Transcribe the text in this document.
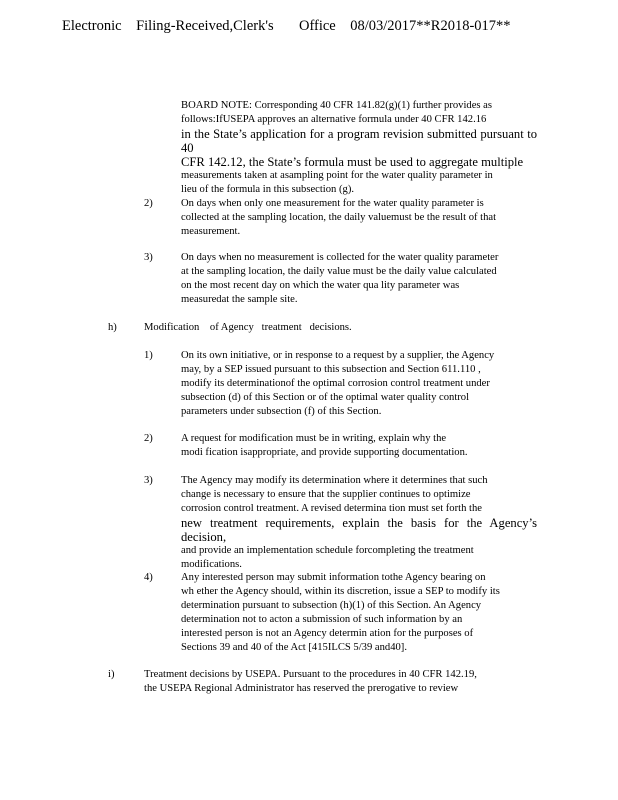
Electronic    Filing-Received,Clerk's       Office    08/03/2017**R2018-017**
BOARD NOTE: Corresponding 40 CFR 141.82(g)(1) further provides as
follows:IfUSEPA approves an alternative formula under 40 CFR 142.16
in the State’s application for a program revision submitted pursuant to 40
CFR 142.12, the State’s formula must be used to aggregate multiple
measurements taken at asampling point for the water quality parameter in
lieu of the formula in this subsection (g).
2)	On days when only one measurement for the water quality parameter is
collected at the sampling location, the daily valuemust be the result of that
measurement.
3)	On days when no measurement is collected for the water quality parameter
at the sampling location, the daily value must be the daily value calculated
on the most recent day on which the water qua lity parameter was
measuredat the sample site.
h)	Modification    of Agency   treatment   decisions.
1)	On its own initiative, or in response to a request by a supplier, the Agency
may, by a SEP issued pursuant to this subsection and Section 611.110 ,
modify its determinationof the optimal corrosion control treatment under
subsection (d) of this Section or of the optimal water quality control
parameters under subsection (f) of this Section.
2)	A request for modification must be in writing, explain why the
modi fication isappropriate, and provide supporting documentation.
3)	The Agency may modify its determination where it determines that such
change is necessary to ensure that the supplier continues to optimize
corrosion control treatment. A revised determina tion must set forth the
new treatment requirements, explain the basis for the Agency’s decision,
and provide an implementation schedule forcompleting the treatment
modifications.
4)	Any interested person may submit information tothe Agency bearing on
wh ether the Agency should, within its discretion, issue a SEP to modify its
determination pursuant to subsection (h)(1) of this Section. An Agency
determination not to acton a submission of such information by an
interested person is not an Agency determin ation for the purposes of
Sections 39 and 40 of the Act [415ILCS 5/39 and40].
i)	Treatment decisions by USEPA. Pursuant to the procedures in 40 CFR 142.19,
the USEPA Regional Administrator has reserved the prerogative to review
